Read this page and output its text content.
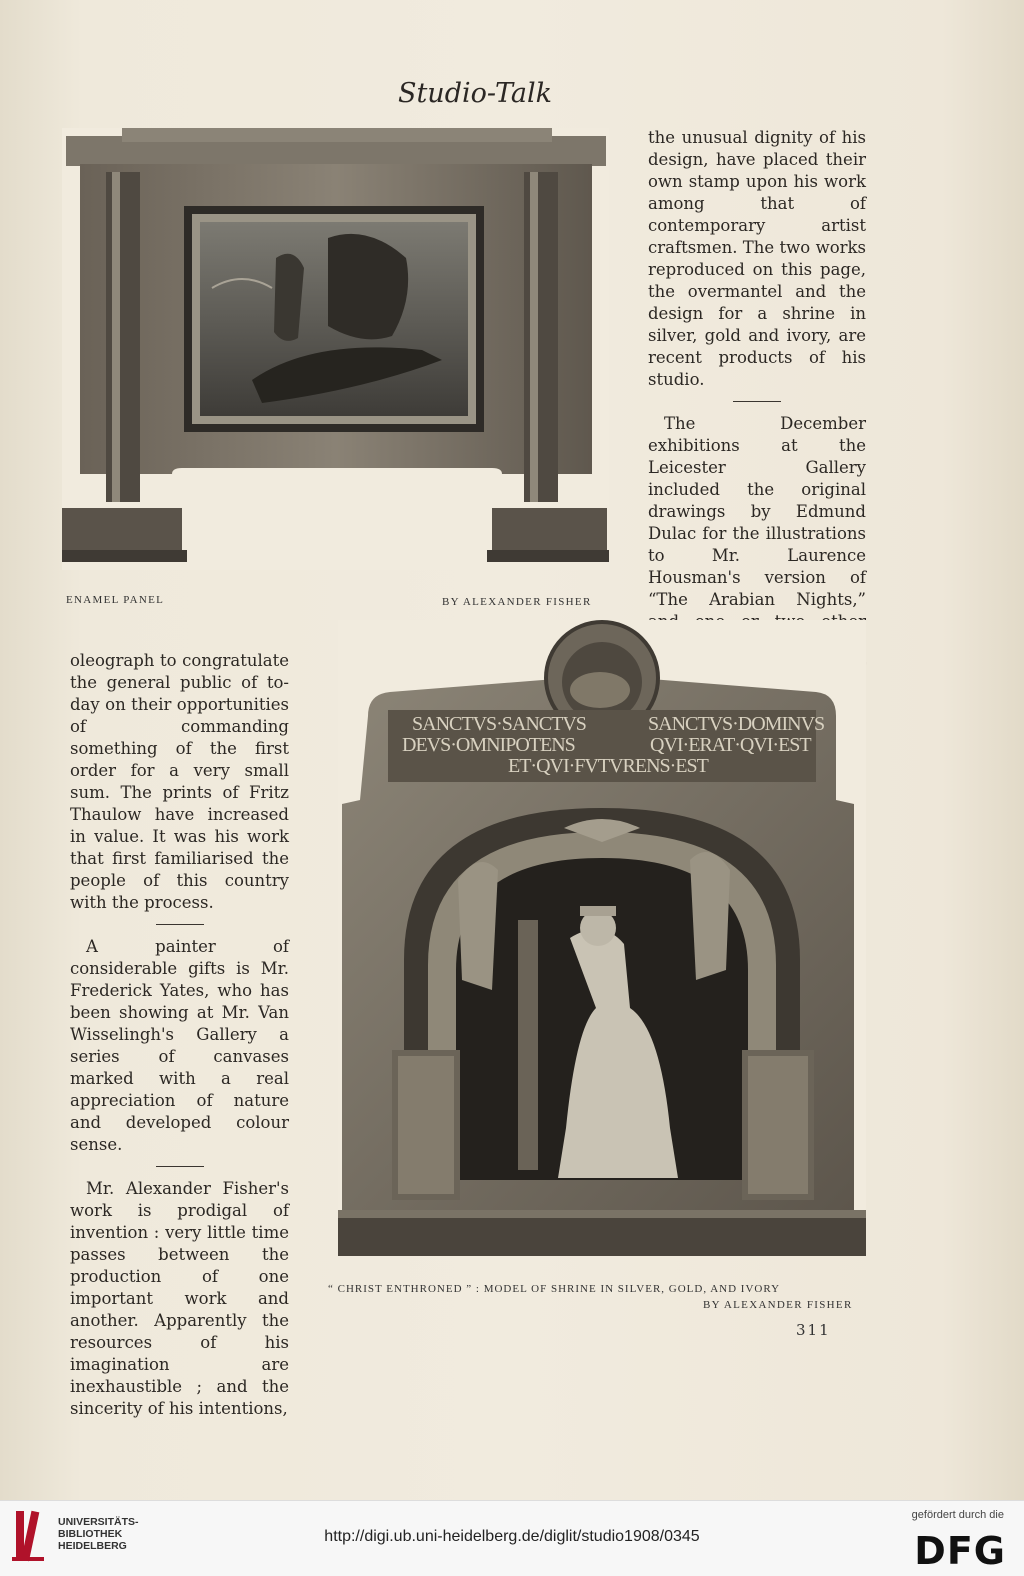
Studio-Talk
ENAMEL PANEL	BY ALEXANDER FISHER

the unusual dignity of his design, have placed their own stamp upon his work among that of contemporary artist craftsmen. The two works reproduced on this page, the overmantel and the design for a shrine in silver, gold and ivory, are recent products of his studio.

The December exhibitions at the Leicester Gallery included the original drawings by Edmund Dulac for the illustrations to Mr. Laurence Housman's version of “The Arabian Nights,”

oleograph to congratulate the general public of to-day on their opportunities of commanding something of the first order for a very small sum. The prints of Fritz Thaulow have increased in value. It was his work that first familiarised the people of this country with the process.

A painter of considerable gifts is Mr. Frederick Yates, who has been showing at Mr. Van Wisselingh's Gallery a series of canvases marked with a real appreciation of nature and developed colour sense.

Mr. Alexander Fisher's work is prodigal of invention : very little time passes between the production of one important work and another. Apparently the resources of his imagination are inexhaustible ; and the sincerity of his intentions,

SANCTVS·SANCTVS	SANCTVS·DOMINVS
DEVS·OMNIPOTENS	QVI·ERAT·QVI·EST
ET·QVI·FVTVRENS·EST
“ CHRIST ENTHRONED ” : MODEL OF SHRINE IN SILVER, GOLD, AND IVORY
BY ALEXANDER FISHER
311
UNIVERSITÄTS-
BIBLIOTHEK
HEIDELBERG
http://digi.ub.uni-heidelberg.de/diglit/studio1908/0345
gefördert durch die
DFG
